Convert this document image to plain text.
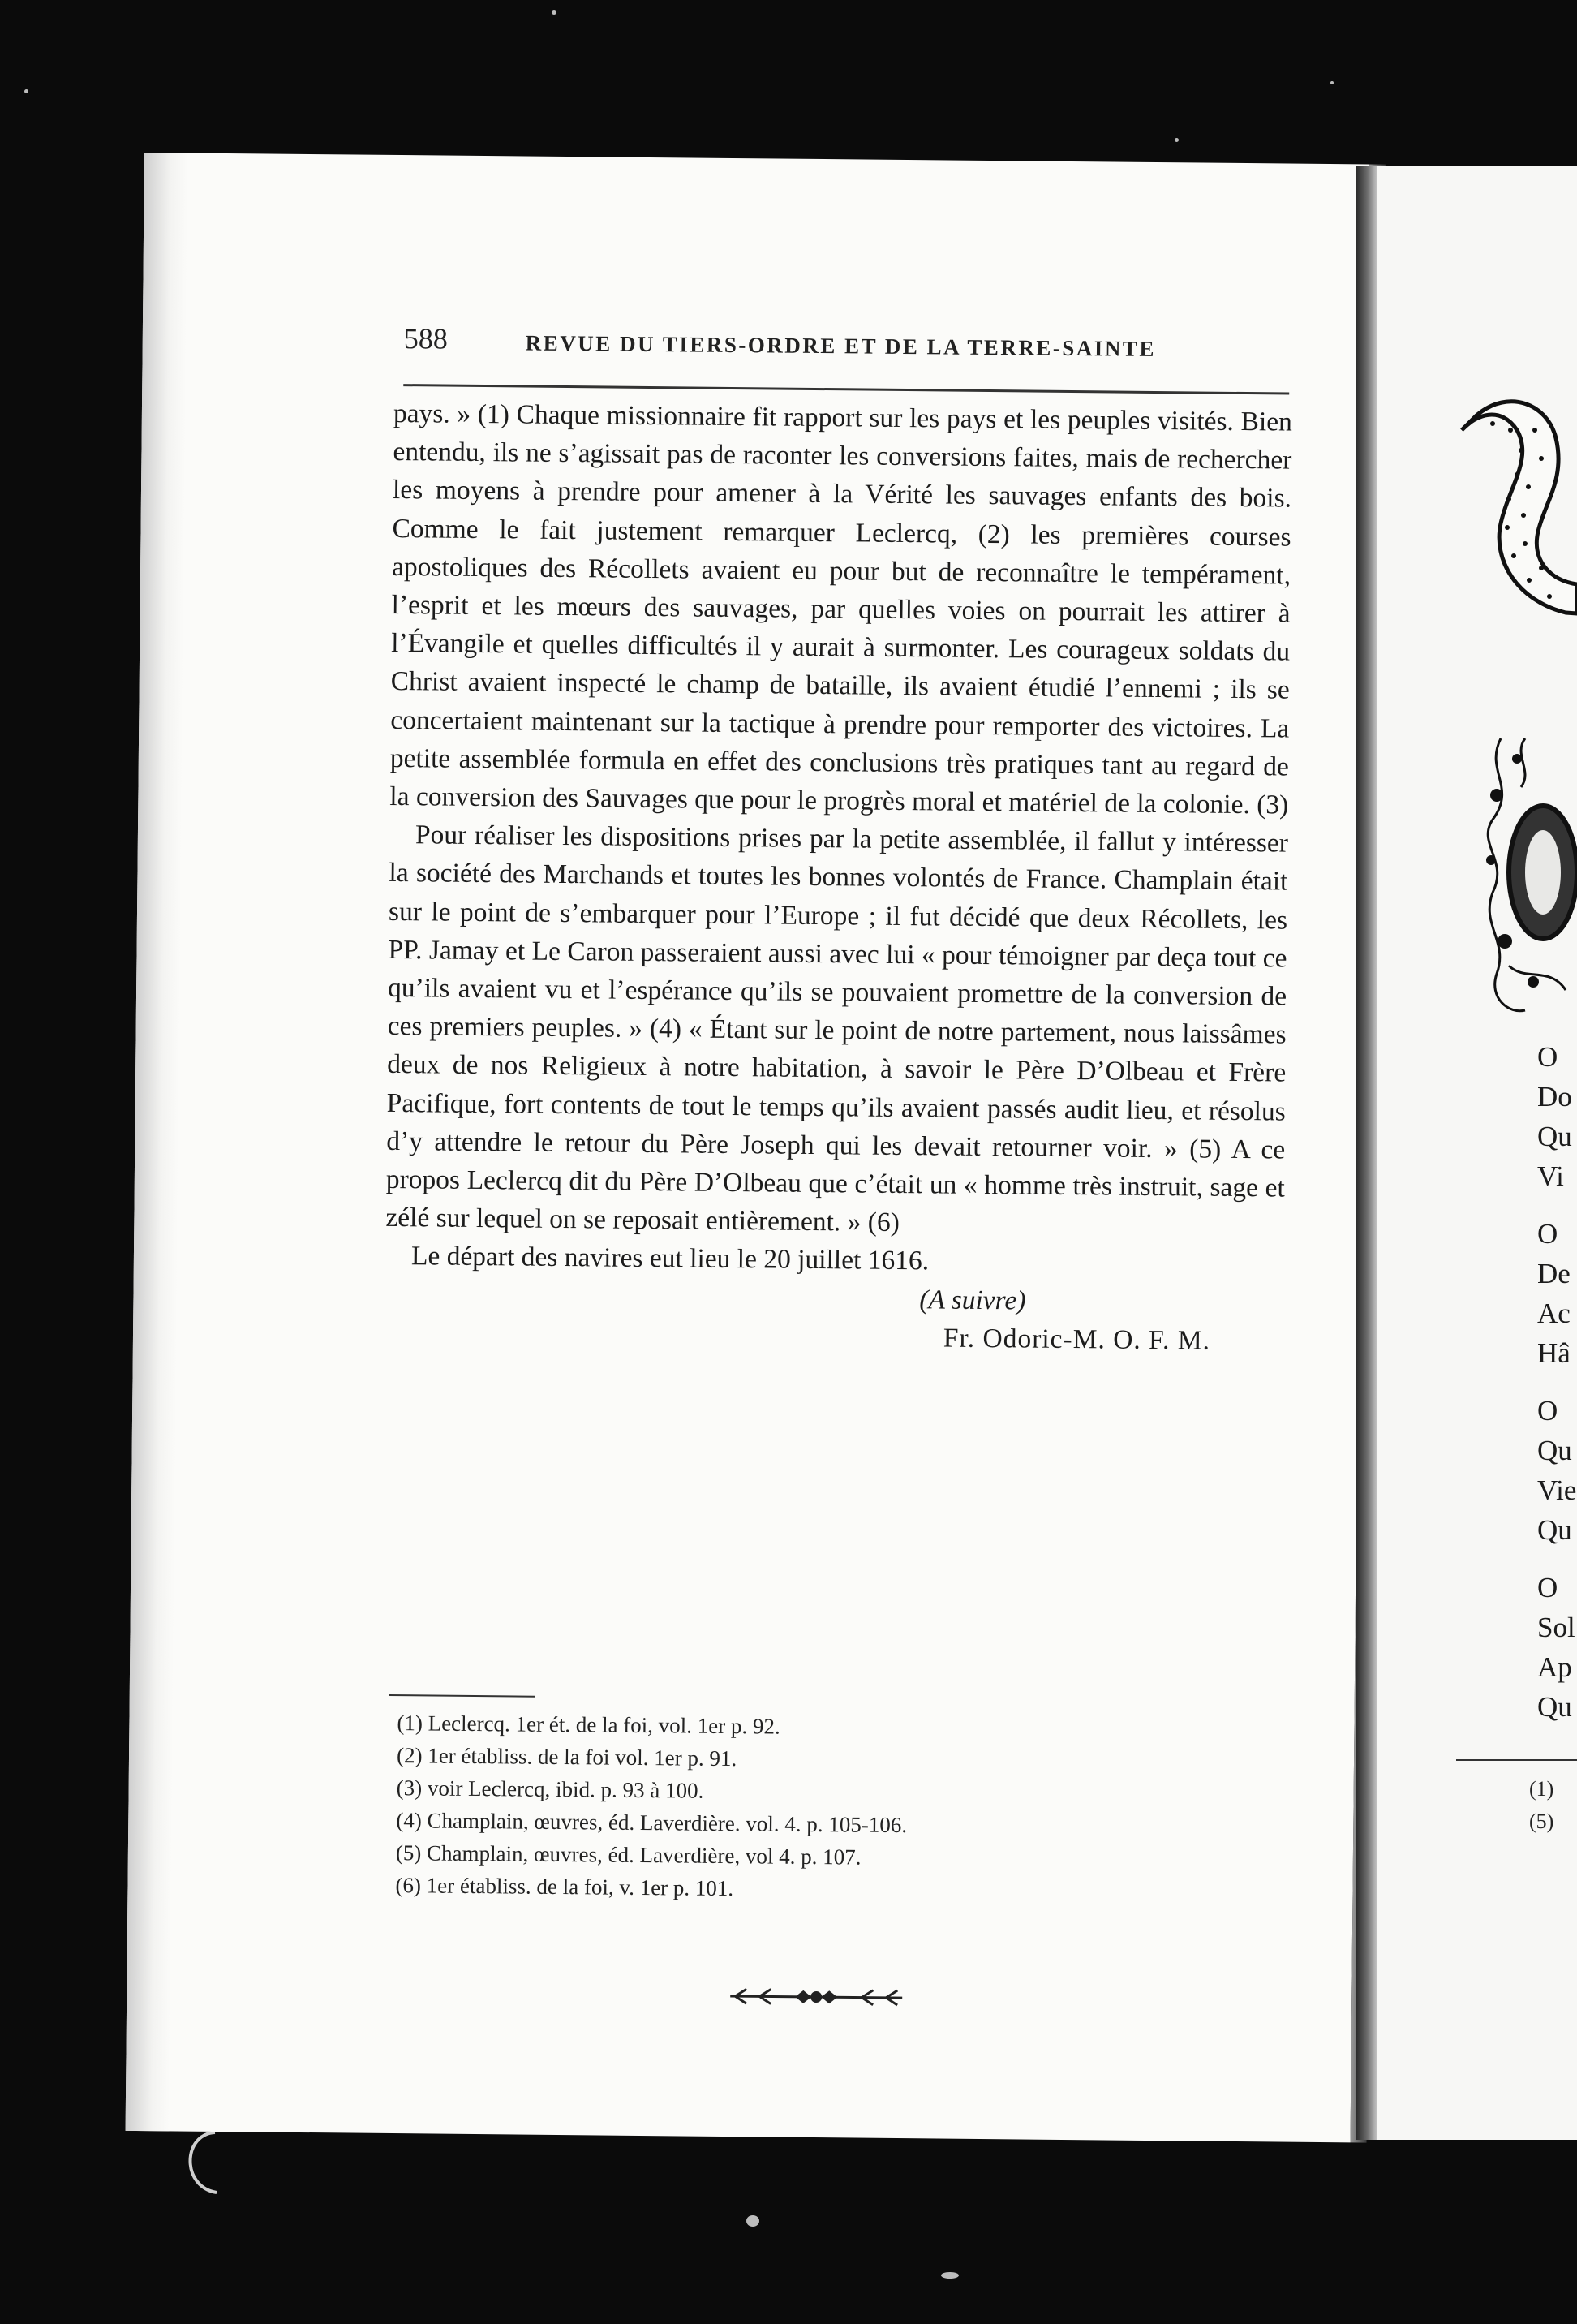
588	REVUE DU TIERS-ORDRE ET DE LA TERRE-SAINTE

pays. » (1) Chaque missionnaire fit rapport sur les pays et les peuples visités. Bien entendu, ils ne s’agissait pas de raconter les conversions faites, mais de rechercher les moyens à prendre pour amener à la Vérité les sauvages enfants des bois. Comme le fait justement remarquer Leclercq, (2) les premières courses apostoliques des Récollets avaient eu pour but de reconnaître le tempérament, l’esprit et les mœurs des sauvages, par quelles voies on pourrait les attirer à l’Évangile et quelles difficultés il y aurait à surmonter. Les courageux soldats du Christ avaient inspecté le champ de bataille, ils avaient étudié l’ennemi ; ils se concertaient maintenant sur la tactique à prendre pour remporter des victoires. La petite assemblée formula en effet des conclusions très pratiques tant au regard de la conversion des Sauvages que pour le progrès moral et matériel de la colonie. (3)

Pour réaliser les dispositions prises par la petite assemblée, il fallut y intéresser la société des Marchands et toutes les bonnes volontés de France. Champlain était sur le point de s’embarquer pour l’Europe ; il fut décidé que deux Récollets, les PP. Jamay et Le Caron passeraient aussi avec lui « pour témoigner par deça tout ce qu’ils avaient vu et l’espérance qu’ils se pouvaient promettre de la conversion de ces premiers peuples. » (4) « Étant sur le point de notre partement, nous laissâmes deux de nos Religieux à notre habitation, à savoir le Père D’Olbeau et Frère Pacifique, fort contents de tout le temps qu’ils avaient passés audit lieu, et résolus d’y attendre le retour du Père Joseph qui les devait retourner voir. » (5) A ce propos Leclercq dit du Père D’Olbeau que c’était un « homme très instruit, sage et zélé sur lequel on se reposait entièrement. » (6)

Le départ des navires eut lieu le 20 juillet 1616.

(A suivre)

Fr. Odoric-M. O. F. M.

(1) Leclercq. 1er ét. de la foi, vol. 1er p. 92.
(2) 1er établiss. de la foi vol. 1er p. 91.
(3) voir Leclercq, ibid. p. 93 à 100.
(4) Champlain, œuvres, éd. Laverdière. vol. 4. p. 105-106.
(5) Champlain, œuvres, éd. Laverdière, vol 4. p. 107.
(6) 1er établiss. de la foi, v. 1er p. 101.
O
Do
Qu
Vi
O
De
Ac
Hâ
O
Qu
Vie
Qu
O
Sol
Ap
Qu
(1)
(5)
